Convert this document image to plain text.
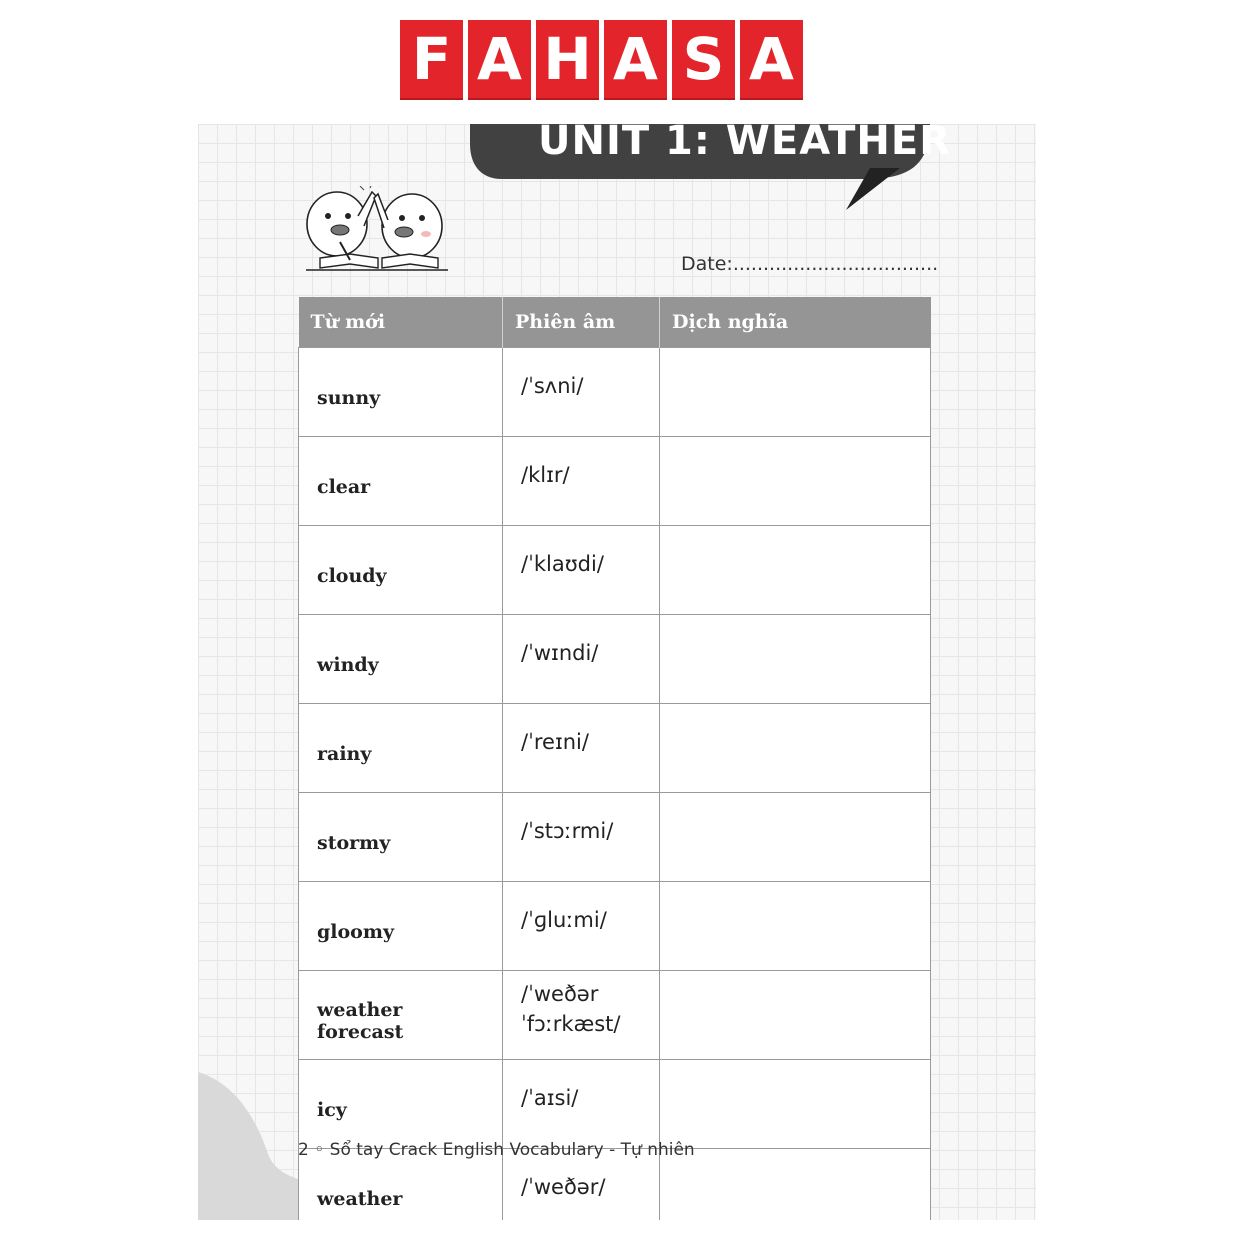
F A H A S A
UNIT 1: WEATHER
Date:..................................
Từ mới	Phiên âm	Dịch nghĩa
sunny	/ˈsʌni/	
clear	/klɪr/	
cloudy	/ˈklaʊdi/	
windy	/ˈwɪndi/	
rainy	/ˈreɪni/	
stormy	/ˈstɔːrmi/	
gloomy	/ˈɡluːmi/	
weather forecast	/ˈweðər ˈfɔːrkæst/	
icy	/ˈaɪsi/	
weather	/ˈweðər/	
2 ◦ Sổ tay Crack English Vocabulary - Tự nhiên
